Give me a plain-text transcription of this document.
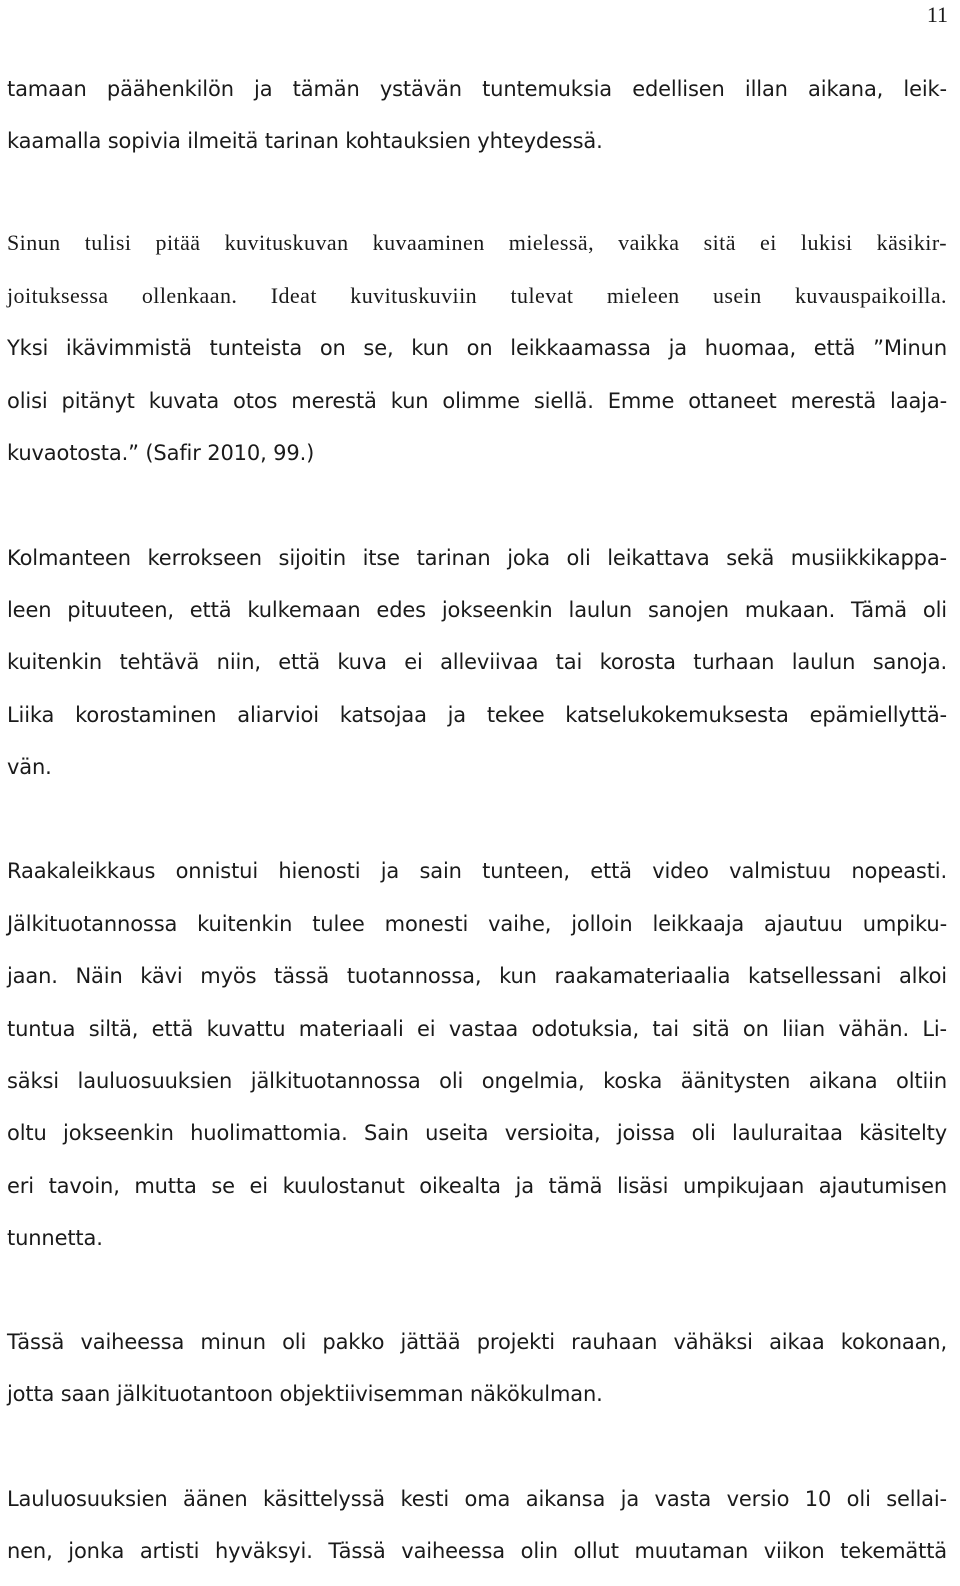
11
tamaan päähenkilön ja tämän ystävän tuntemuksia edellisen illan aikana, leik-
kaamalla sopivia ilmeitä tarinan kohtauksien yhteydessä.
Sinun tulisi pitää kuvituskuvan kuvaaminen mielessä, vaikka sitä ei lukisi käsikir-
joituksessa ollenkaan. Ideat kuvituskuviin tulevat mieleen usein kuvauspaikoilla.
Yksi ikävimmistä tunteista on se, kun on leikkaamassa ja huomaa, että ”Minun
olisi pitänyt kuvata otos merestä kun olimme siellä. Emme ottaneet merestä laaja-
kuvaotosta.” (Safir 2010, 99.)
Kolmanteen kerrokseen sijoitin itse tarinan joka oli leikattava sekä musiikkikappa-
leen pituuteen, että kulkemaan edes jokseenkin laulun sanojen mukaan. Tämä oli
kuitenkin tehtävä niin, että kuva ei alleviivaa tai korosta turhaan laulun sanoja.
Liika korostaminen aliarvioi katsojaa ja tekee katselukokemuksesta epämiellyttä-
vän.
Raakaleikkaus onnistui hienosti ja sain tunteen, että video valmistuu nopeasti.
Jälkituotannossa kuitenkin tulee monesti vaihe, jolloin leikkaaja ajautuu umpiku-
jaan. Näin kävi myös tässä tuotannossa, kun raakamateriaalia katsellessani alkoi
tuntua siltä, että kuvattu materiaali ei vastaa odotuksia, tai sitä on liian vähän. Li-
säksi lauluosuuksien jälkituotannossa oli ongelmia, koska äänitysten aikana oltiin
oltu jokseenkin huolimattomia. Sain useita versioita, joissa oli lauluraitaa käsitelty
eri tavoin, mutta se ei kuulostanut oikealta ja tämä lisäsi umpikujaan ajautumisen
tunnetta.
Tässä vaiheessa minun oli pakko jättää projekti rauhaan vähäksi aikaa kokonaan,
jotta saan jälkituotantoon objektiivisemman näkökulman.
Lauluosuuksien äänen käsittelyssä kesti oma aikansa ja vasta versio 10 oli sellai-
nen, jonka artisti hyväksyi. Tässä vaiheessa olin ollut muutaman viikon tekemättä
